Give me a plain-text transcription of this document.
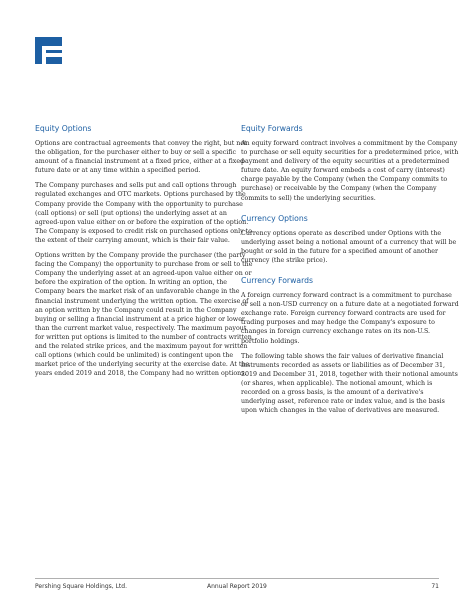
Equity Options

Options are contractual agreements that convey the right, but not the obligation, for the purchaser either to buy or sell a specific amount of a financial instrument at a fixed price, either at a fixed future date or at any time within a specified period.

The Company purchases and sells put and call options through regulated exchanges and OTC markets. Options purchased by the Company provide the Company with the opportunity to purchase (call options) or sell (put options) the underlying asset at an agreed-upon value either on or before the expiration of the option. The Company is exposed to credit risk on purchased options only to the extent of their carrying amount, which is their fair value.

Options written by the Company provide the purchaser (the party facing the Company) the opportunity to purchase from or sell to the Company the underlying asset at an agreed-upon value either on or before the expiration of the option. In writing an option, the Company bears the market risk of an unfavorable change in the financial instrument underlying the written option. The exercise of an option written by the Company could result in the Company buying or selling a financial instrument at a price higher or lower than the current market value, respectively. The maximum payout for written put options is limited to the number of contracts written and the related strike prices, and the maximum payout for written call options (which could be unlimited) is contingent upon the market price of the underlying security at the exercise date. At the years ended 2019 and 2018, the Company had no written options.

Equity Forwards

An equity forward contract involves a commitment by the Company to purchase or sell equity securities for a predetermined price, with payment and delivery of the equity securities at a predetermined future date. An equity forward embeds a cost of carry (interest) charge payable by the Company (when the Company commits to purchase) or receivable by the Company (when the Company commits to sell) the underlying securities.

Currency Options

Currency options operate as described under Options with the underlying asset being a notional amount of a currency that will be bought or sold in the future for a specified amount of another currency (the strike price).

Currency Forwards

A foreign currency forward contract is a commitment to purchase or sell a non-USD currency on a future date at a negotiated forward exchange rate. Foreign currency forward contracts are used for trading purposes and may hedge the Company's exposure to changes in foreign currency exchange rates on its non-U.S. portfolio holdings.

The following table shows the fair values of derivative financial instruments recorded as assets or liabilities as of December 31, 2019 and December 31, 2018, together with their notional amounts (or shares, when applicable). The notional amount, which is recorded on a gross basis, is the amount of a derivative's underlying asset, reference rate or index value, and is the basis upon which changes in the value of derivatives are measured.

Pershing Square Holdings, Ltd.	Annual Report 2019	71
